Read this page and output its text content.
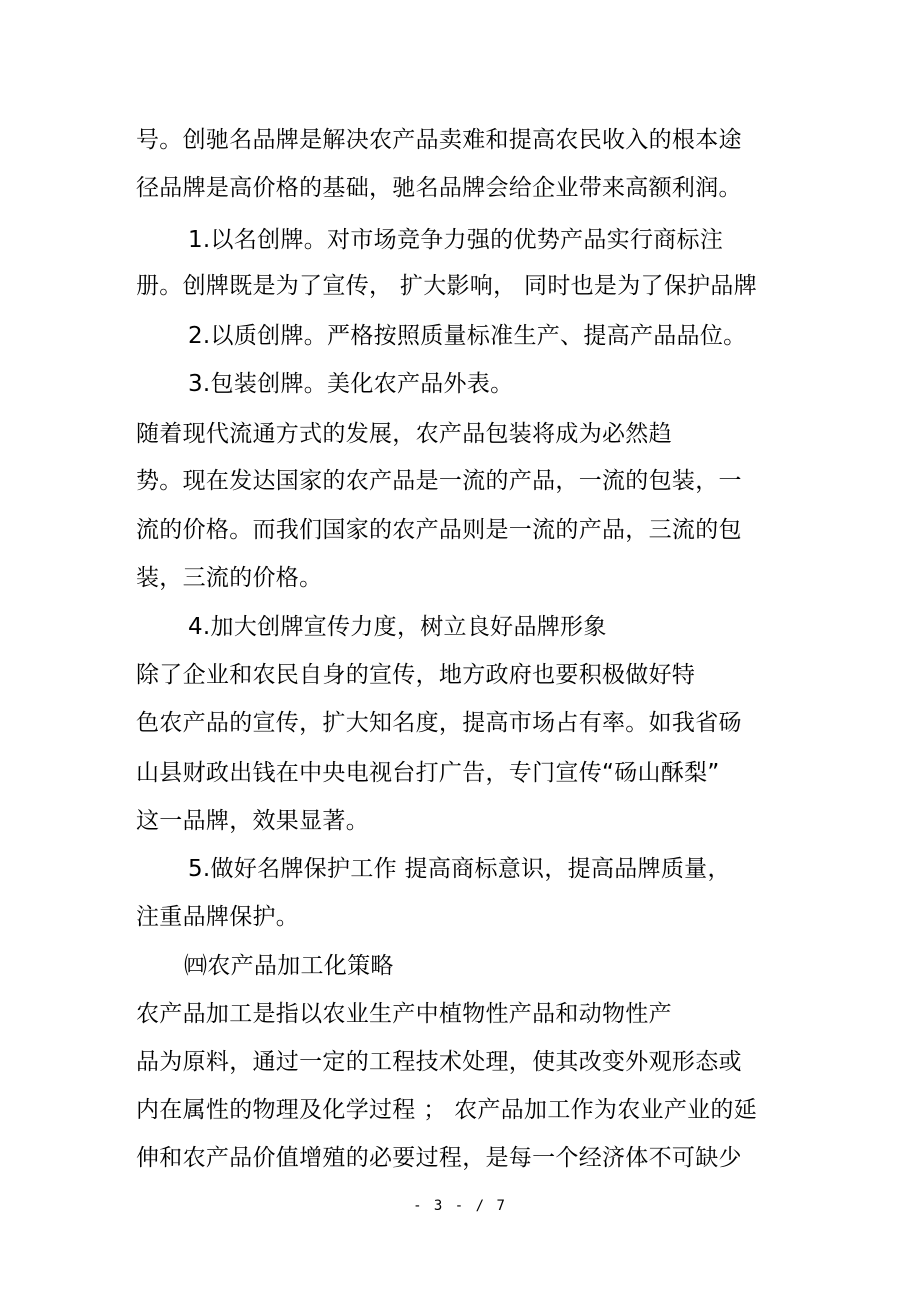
号。创驰名品牌是解决农产品卖难和提高农民收入的根本途
径品牌是高价格的基础，驰名品牌会给企业带来高额利润。
1.以名创牌。对市场竞争力强的优势产品实行商标注
册。创牌既是为了宣传， 扩大影响， 同时也是为了保护品牌
2.以质创牌。严格按照质量标准生产、提高产品品位。
3.包装创牌。美化农产品外表。
随着现代流通方式的发展，农产品包装将成为必然趋
势。现在发达国家的农产品是一流的产品，一流的包装，一
流的价格。而我们国家的农产品则是一流的产品，三流的包
装，三流的价格。
4.加大创牌宣传力度，树立良好品牌形象
除了企业和农民自身的宣传，地方政府也要积极做好特
色农产品的宣传，扩大知名度，提高市场占有率。如我省砀
山县财政出钱在中央电视台打广告，专门宣传“砀山酥梨”
这一品牌，效果显著。
5.做好名牌保护工作 提高商标意识，提高品牌质量，
注重品牌保护。
㈣农产品加工化策略
农产品加工是指以农业生产中植物性产品和动物性产
品为原料，通过一定的工程技术处理，使其改变外观形态或
内在属性的物理及化学过程 ； 农产品加工作为农业产业的延
伸和农产品价值增殖的必要过程，是每一个经济体不可缺少
- 3 - / 7
